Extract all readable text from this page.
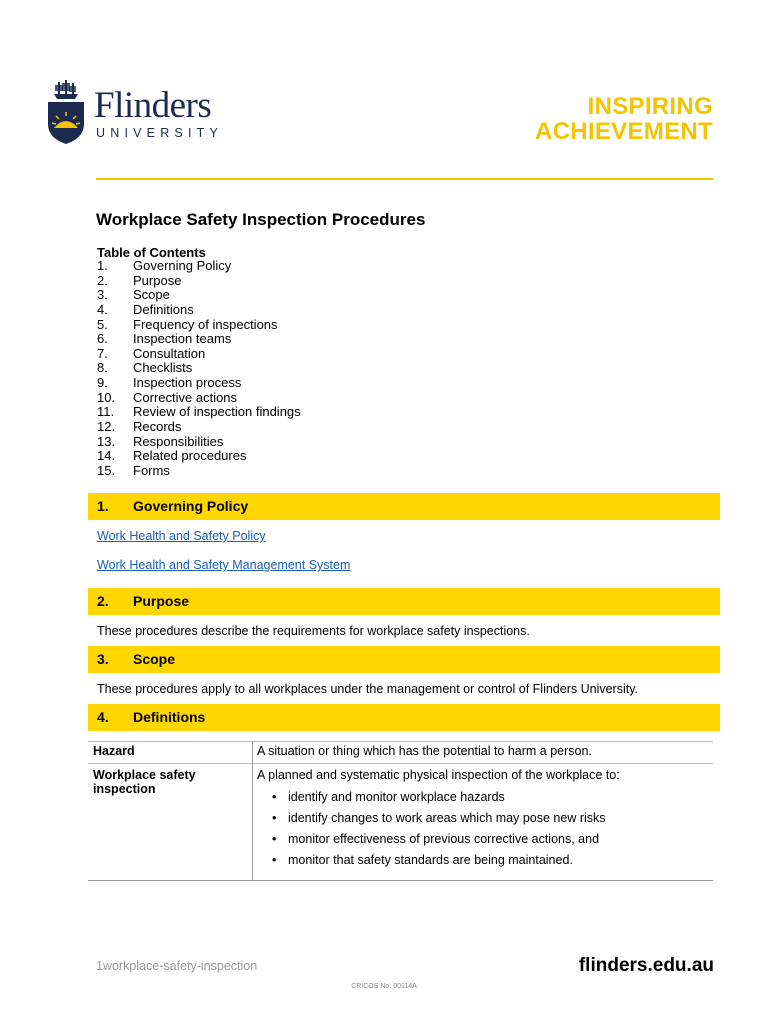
Flinders
UNIVERSITY
INSPIRING
ACHIEVEMENT
Workplace Safety Inspection Procedures
Table of Contents
1. Governing Policy
2. Purpose
3. Scope
4. Definitions
5. Frequency of inspections
6. Inspection teams
7. Consultation
8. Checklists
9. Inspection process
10. Corrective actions
11. Review of inspection findings
12. Records
13. Responsibilities
14. Related procedures
15. Forms
1. Governing Policy
Work Health and Safety Policy
Work Health and Safety Management System
2. Purpose
These procedures describe the requirements for workplace safety inspections.
3. Scope
These procedures apply to all workplaces under the management or control of Flinders University.
4. Definitions
Hazard	A situation or thing which has the potential to harm a person.
Workplace safety
inspection
A planned and systematic physical inspection of the workplace to:
• identify and monitor workplace hazards
• identify changes to work areas which may pose new risks
• monitor effectiveness of previous corrective actions, and
• monitor that safety standards are being maintained.
1workplace-safety-inspection	flinders.edu.au
CRICOS No. 00114A
